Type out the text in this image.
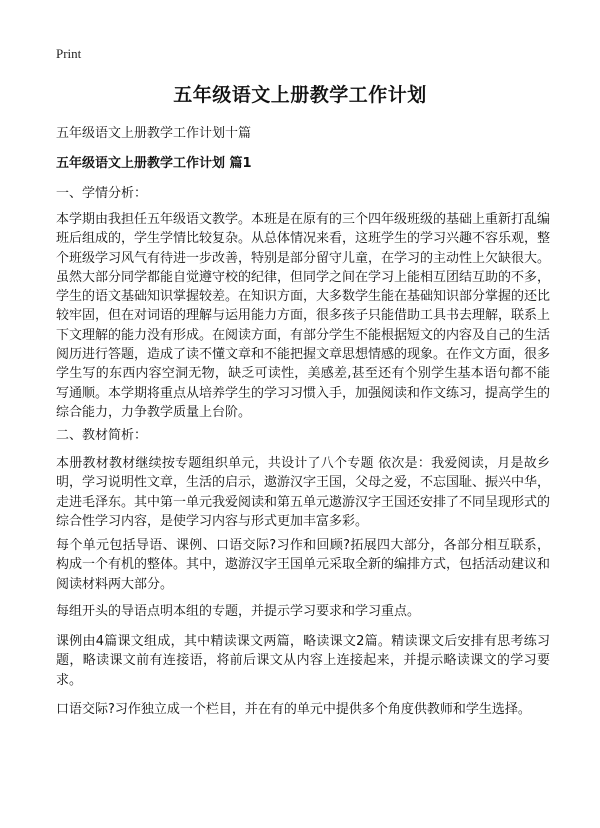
Print
五年级语文上册教学工作计划
五年级语文上册教学工作计划十篇
五年级语文上册教学工作计划 篇1
一、学情分析：
本学期由我担任五年级语文教学。本班是在原有的三个四年级班级的基础上重新打乱编班后组成的，学生学情比较复杂。从总体情况来看，这班学生的学习兴趣不容乐观，整个班级学习风气有待进一步改善，特别是部分留守儿童，在学习的主动性上欠缺很大。虽然大部分同学都能自觉遵守校的纪律，但同学之间在学习上能相互团结互助的不多，学生的语文基础知识掌握较差。在知识方面，大多数学生能在基础知识部分掌握的还比较牢固，但在对词语的理解与运用能力方面，很多孩子只能借助工具书去理解，联系上下文理解的能力没有形成。在阅读方面，有部分学生不能根据短文的内容及自己的生活阅历进行答题，造成了读不懂文章和不能把握文章思想情感的现象。在作文方面，很多学生写的东西内容空洞无物，缺乏可读性，美感差,甚至还有个别学生基本语句都不能写通顺。本学期将重点从培养学生的学习习惯入手，加强阅读和作文练习，提高学生的综合能力，力争教学质量上台阶。
二、教材简析：
本册教材教材继续按专题组织单元，共设计了八个专题 依次是：我爱阅读，月是故乡明，学习说明性文章，生活的启示，遨游汉字王国，父母之爱，不忘国耻、振兴中华，走进毛泽东。其中第一单元我爱阅读和第五单元遨游汉字王国还安排了不同呈现形式的综合性学习内容，是使学习内容与形式更加丰富多彩。
每个单元包括导语、课例、口语交际?习作和回顾?拓展四大部分，各部分相互联系，构成一个有机的整体。其中，遨游汉字王国单元采取全新的编排方式，包括活动建议和阅读材料两大部分。
每组开头的导语点明本组的专题，并提示学习要求和学习重点。
课例由4篇课文组成，其中精读课文两篇，略读课文2篇。精读课文后安排有思考练习题，略读课文前有连接语，将前后课文从内容上连接起来，并提示略读课文的学习要求。
口语交际?习作独立成一个栏目，并在有的单元中提供多个角度供教师和学生选择。
